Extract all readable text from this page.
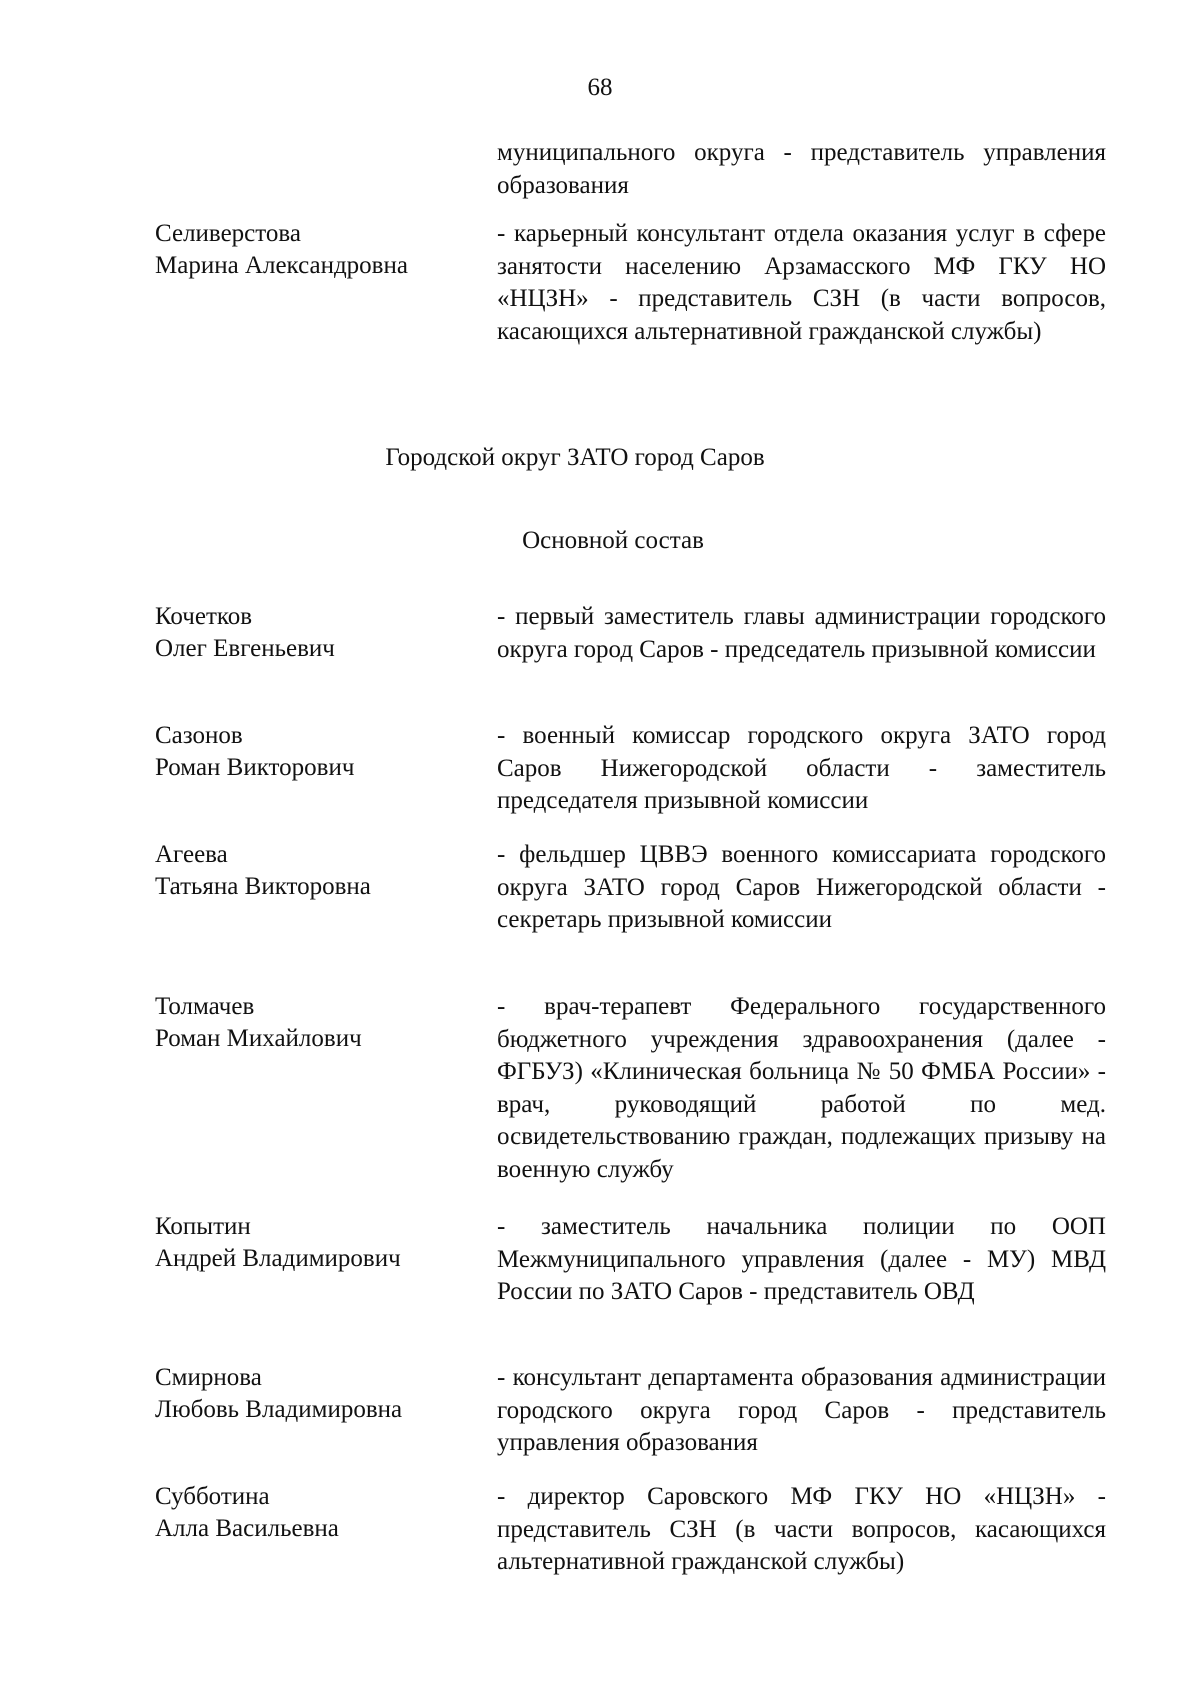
68
муниципального округа - представитель управления образования
Селиверстова
Марина Александровна
- карьерный консультант отдела оказания услуг в сфере занятости населению Арзамасского МФ ГКУ НО «НЦЗН» - представитель СЗН (в части вопросов, касающихся альтернативной гражданской службы)
Городской округ ЗАТО город Саров
Основной состав
Кочетков
Олег Евгеньевич
- первый заместитель главы администрации городского округа город Саров - председатель призывной комиссии
Сазонов
Роман Викторович
- военный комиссар городского округа ЗАТО город Саров Нижегородской области - заместитель председателя призывной комиссии
Агеева
Татьяна Викторовна
- фельдшер ЦВВЭ военного комиссариата городского округа ЗАТО город Саров Нижегородской области - секретарь призывной комиссии
Толмачев
Роман Михайлович
- врач-терапевт Федерального государственного бюджетного учреждения здравоохранения (далее - ФГБУЗ) «Клиническая больница № 50 ФМБА России» - врач, руководящий работой по мед. освидетельствованию граждан, подлежащих призыву на военную службу
Копытин
Андрей Владимирович
- заместитель начальника полиции по ООП Межмуниципального управления (далее - МУ) МВД России по ЗАТО Саров - представитель ОВД
Смирнова
Любовь Владимировна
- консультант департамента образования администрации городского округа город Саров - представитель управления образования
Субботина
Алла Васильевна
- директор Саровского МФ ГКУ НО «НЦЗН» - представитель СЗН (в части вопросов, касающихся альтернативной гражданской службы)
